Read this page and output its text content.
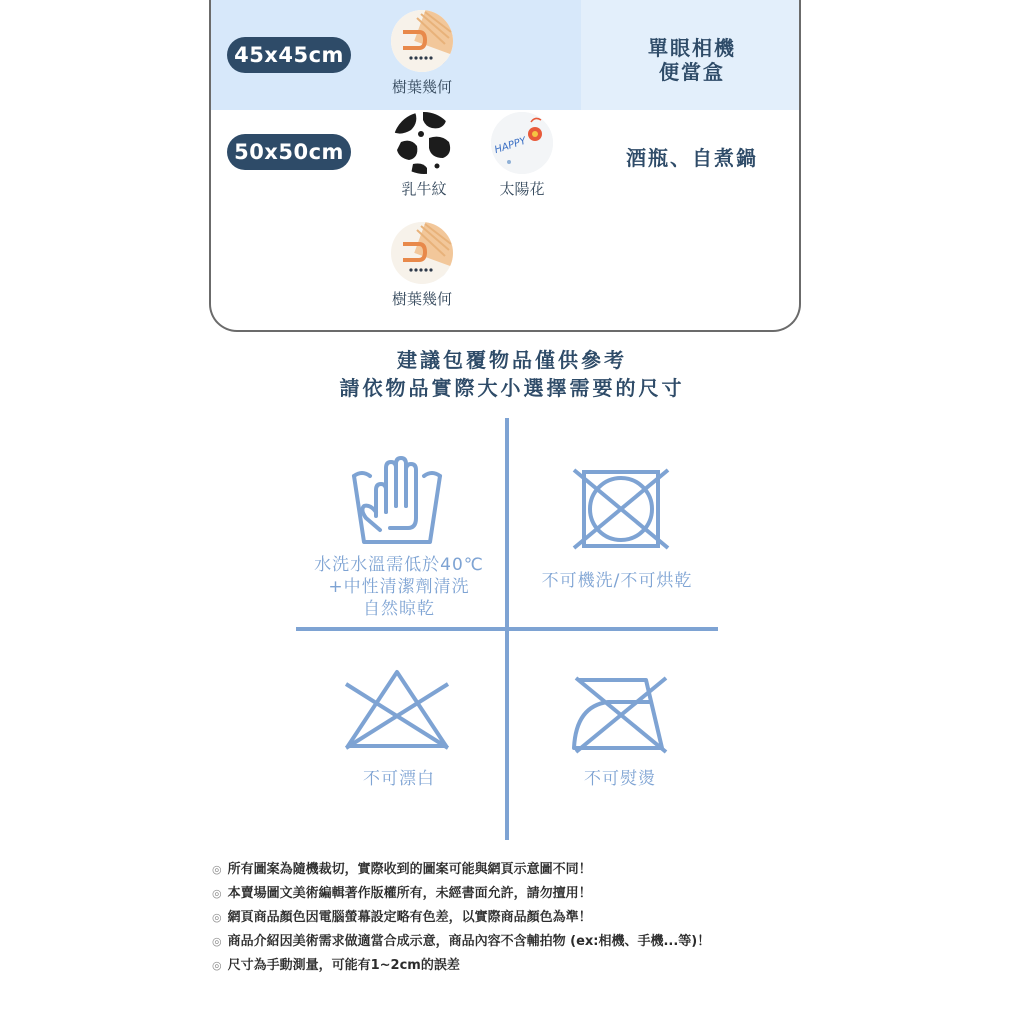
45x45cm
樹葉幾何
單眼相機
便當盒
50x50cm
乳牛紋
HAPPY
太陽花
酒瓶、自煮鍋
樹葉幾何
建議包覆物品僅供參考
請依物品實際大小選擇需要的尺寸
水洗水溫需低於40℃
+中性清潔劑清洗
自然晾乾
不可機洗/不可烘乾
不可漂白	不可熨燙
◎ 所有圖案為隨機裁切，實際收到的圖案可能與網頁示意圖不同！
◎ 本賣場圖文美術編輯著作版權所有，未經書面允許，請勿擅用！
◎ 網頁商品顏色因電腦螢幕設定略有色差，以實際商品顏色為準！
◎ 商品介紹因美術需求做適當合成示意，商品內容不含輔拍物 (ex:相機、手機...等)！
◎ 尺寸為手動測量，可能有1~2cm的誤差
